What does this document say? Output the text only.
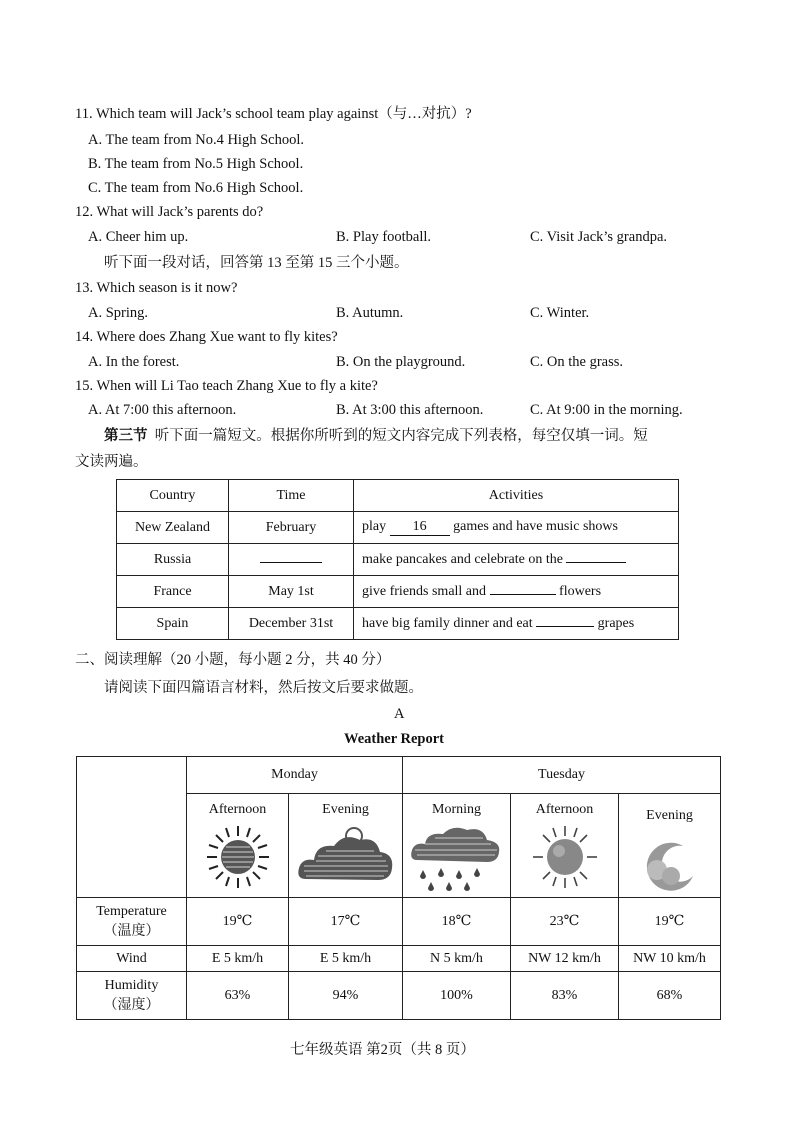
11. Which team will Jack’s school team play against（与…对抗）?
A. The team from No.4 High School.
B. The team from No.5 High School.
C. The team from No.6 High School.
12. What will Jack’s parents do?
A. Cheer him up.	B. Play football.	C. Visit Jack’s grandpa.
听下面一段对话，回答第 13 至第 15 三个小题。
13. Which season is it now?
A. Spring.	B. Autumn.	C. Winter.
14. Where does Zhang Xue want to fly kites?
A. In the forest.	B. On the playground.	C. On the grass.
15. When will Li Tao teach Zhang Xue to fly a kite?
A. At 7:00 this afternoon.	B. At 3:00 this afternoon.	C. At 9:00 in the morning.
第三节 听下面一篇短文。根据你所听到的短文内容完成下列表格，每空仅填一词。短
文读两遍。
Country	Time	Activities
New Zealand	February	play 16 games and have music shows
Russia		make pancakes and celebrate on the
France	May 1st	give friends small and flowers
Spain	December 31st	have big family dinner and eat grapes
二、阅读理解（20 小题，每小题 2 分，共 40 分）
请阅读下面四篇语言材料，然后按文后要求做题。
A
Weather Report
	Monday		Tuesday		

	Afternoon	Evening	Morning	Afternoon	Evening

Temperature
（温度）	19℃	17℃	18℃	23℃	19℃
Wind	E 5 km/h	E 5 km/h	N 5 km/h	NW 12 km/h	NW 10 km/h

Humidity
（湿度）	63%	94%	100%	83%	68%
七年级英语 第2页（共 8 页）
